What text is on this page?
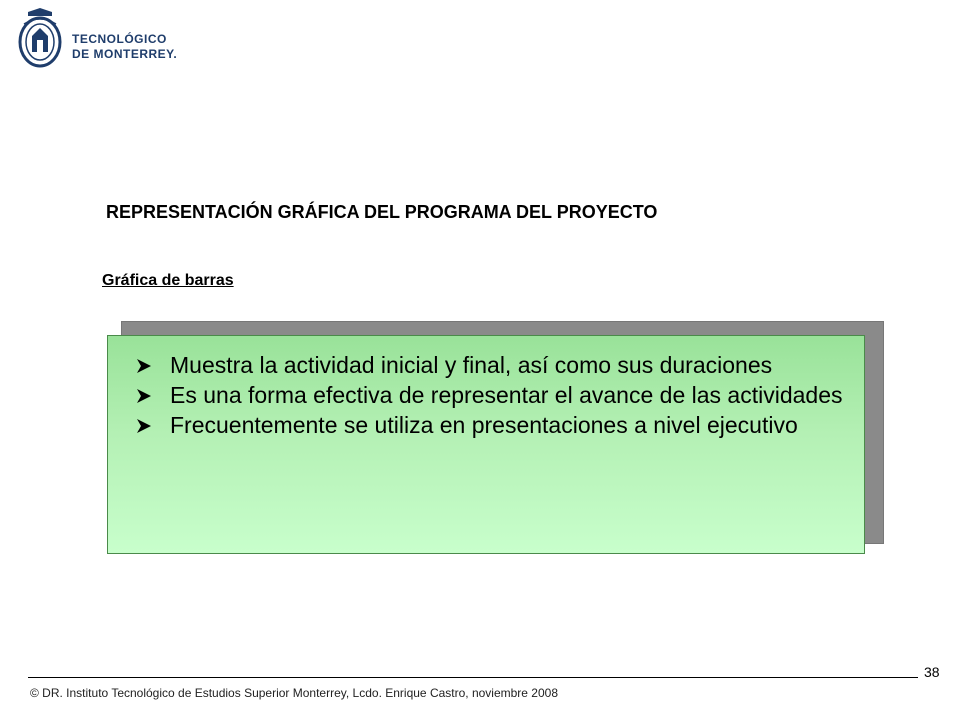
TECNOLÓGICO
DE MONTERREY.
REPRESENTACIÓN GRÁFICA DEL PROGRAMA DEL PROYECTO
Gráfica de barras
Muestra la actividad inicial y final, así como sus duraciones
Es una forma efectiva de representar el avance de las actividades
Frecuentemente se utiliza en presentaciones a nivel ejecutivo
38
© DR. Instituto Tecnológico de Estudios Superior Monterrey, Lcdo. Enrique Castro, noviembre 2008
